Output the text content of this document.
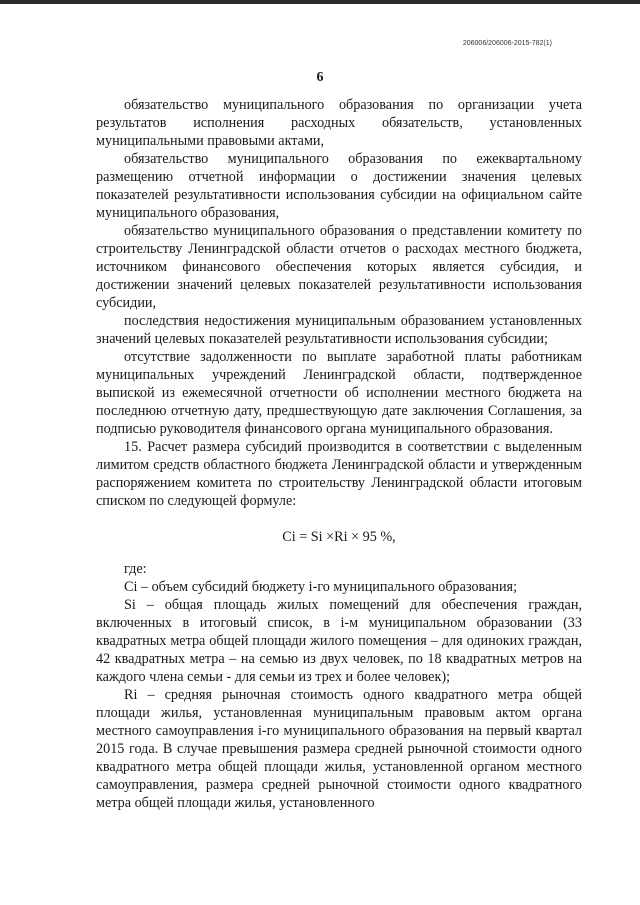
206006/206006-2015-782(1)
6

обязательство муниципального образования по организации учета результатов исполнения расходных обязательств, установленных муниципальными правовыми актами,

обязательство муниципального образования по ежеквартальному размещению отчетной информации о достижении значения целевых показателей результативности использования субсидии на официальном сайте муниципального образования,

обязательство муниципального образования о представлении комитету по строительству Ленинградской области отчетов о расходах местного бюджета, источником финансового обеспечения которых является субсидия, и достижении значений целевых показателей результативности использования субсидии,

последствия недостижения муниципальным образованием установленных значений целевых показателей результативности использования субсидии;

отсутствие задолженности по выплате заработной платы работникам муниципальных учреждений Ленинградской области, подтвержденное выпиской из ежемесячной отчетности об исполнении местного бюджета на последнюю отчетную дату, предшествующую дате заключения Соглашения, за подписью руководителя финансового органа муниципального образования.

15. Расчет размера субсидий производится в соответствии с выделенным лимитом средств областного бюджета Ленинградской области и утвержденным распоряжением комитета по строительству Ленинградской области итоговым списком по следующей формуле:

Ci = Si ×Ri × 95 %,

где:

Ci – объем субсидий бюджету i-го муниципального образования;

Si – общая площадь жилых помещений для обеспечения граждан, включенных в итоговый список, в i-м муниципальном образовании (33 квадратных метра общей площади жилого помещения – для одиноких граждан, 42 квадратных метра – на семью из двух человек, по 18 квадратных метров на каждого члена семьи - для семьи из трех и более человек);

Ri – средняя рыночная стоимость одного квадратного метра общей площади жилья, установленная муниципальным правовым актом органа местного самоуправления i-го муниципального образования на первый квартал 2015 года. В случае превышения размера средней рыночной стоимости одного квадратного метра общей площади жилья, установленной органом местного самоуправления, размера средней рыночной стоимости одного квадратного метра общей площади жилья, установленного
